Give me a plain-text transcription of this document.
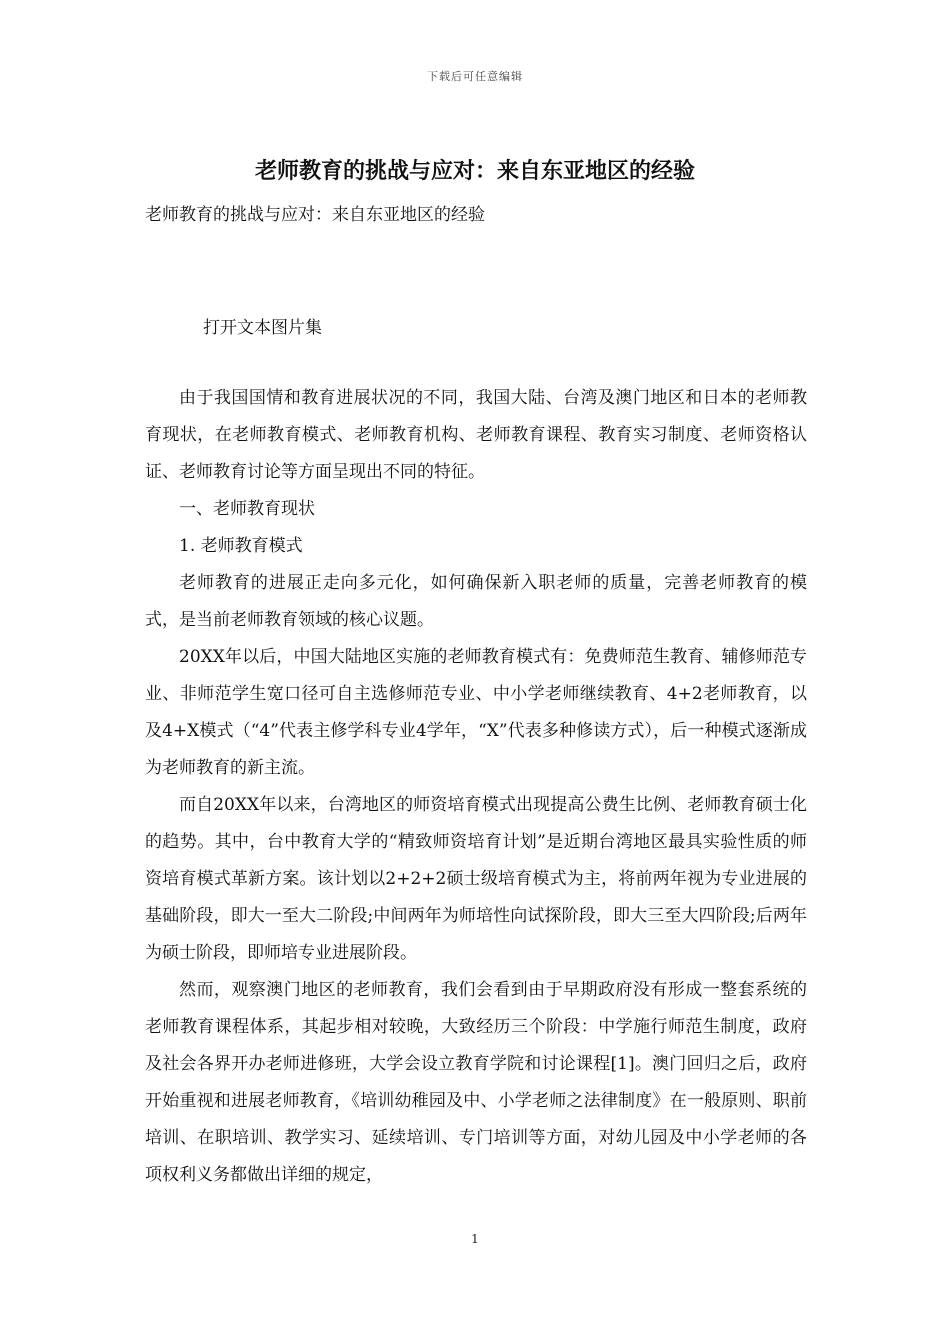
下载后可任意编辑
老师教育的挑战与应对：来自东亚地区的经验
老师教育的挑战与应对：来自东亚地区的经验
打开文本图片集

由于我国国情和教育进展状况的不同，我国大陆、台湾及澳门地区和日本的老师教育现状，在老师教育模式、老师教育机构、老师教育课程、教育实习制度、老师资格认证、老师教育讨论等方面呈现出不同的特征。

一、老师教育现状

1. 老师教育模式

老师教育的进展正走向多元化，如何确保新入职老师的质量，完善老师教育的模式，是当前老师教育领域的核心议题。

20XX年以后，中国大陆地区实施的老师教育模式有：免费师范生教育、辅修师范专业、非师范学生宽口径可自主选修师范专业、中小学老师继续教育、4+2老师教育，以及4+X模式（“4”代表主修学科专业4学年，“X”代表多种修读方式），后一种模式逐渐成为老师教育的新主流。

而自20XX年以来，台湾地区的师资培育模式出现提高公费生比例、老师教育硕士化的趋势。其中，台中教育大学的“精致师资培育计划”是近期台湾地区最具实验性质的师资培育模式革新方案。该计划以2+2+2硕士级培育模式为主，将前两年视为专业进展的基础阶段，即大一至大二阶段;中间两年为师培性向试探阶段，即大三至大四阶段;后两年为硕士阶段，即师培专业进展阶段。

然而，观察澳门地区的老师教育，我们会看到由于早期政府没有形成一整套系统的老师教育课程体系，其起步相对较晚，大致经历三个阶段：中学施行师范生制度，政府及社会各界开办老师进修班，大学会设立教育学院和讨论课程[1]。澳门回归之后，政府开始重视和进展老师教育，《培训幼稚园及中、小学老师之法律制度》在一般原则、职前培训、在职培训、教学实习、延续培训、专门培训等方面，对幼儿园及中小学老师的各项权利义务都做出详细的规定，

1
